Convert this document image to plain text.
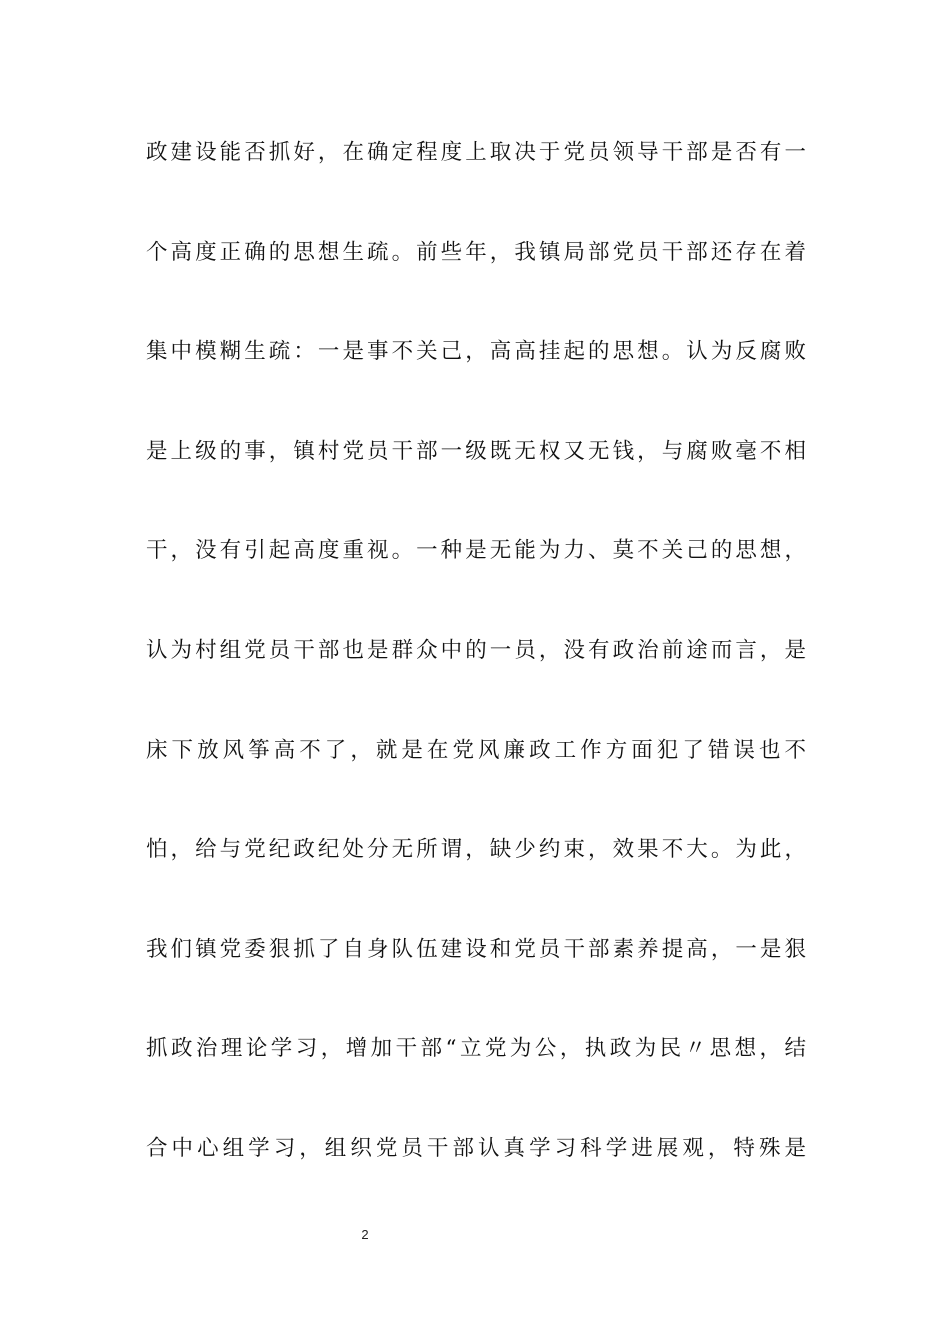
政建设能否抓好，在确定程度上取决于党员领导干部是否有一
个高度正确的思想生疏。前些年，我镇局部党员干部还存在着
集中模糊生疏：一是事不关己，高高挂起的思想。认为反腐败
是上级的事，镇村党员干部一级既无权又无钱，与腐败毫不相
干，没有引起高度重视。一种是无能为力、莫不关己的思想，
认为村组党员干部也是群众中的一员，没有政治前途而言，是
床下放风筝高不了，就是在党风廉政工作方面犯了错误也不
怕，给与党纪政纪处分无所谓，缺少约束，效果不大。为此，
我们镇党委狠抓了自身队伍建设和党员干部素养提高，一是狠
抓政治理论学习，增加干部“立党为公，执政为民〃思想，结
合中心组学习，组织党员干部认真学习科学进展观，特殊是
2
